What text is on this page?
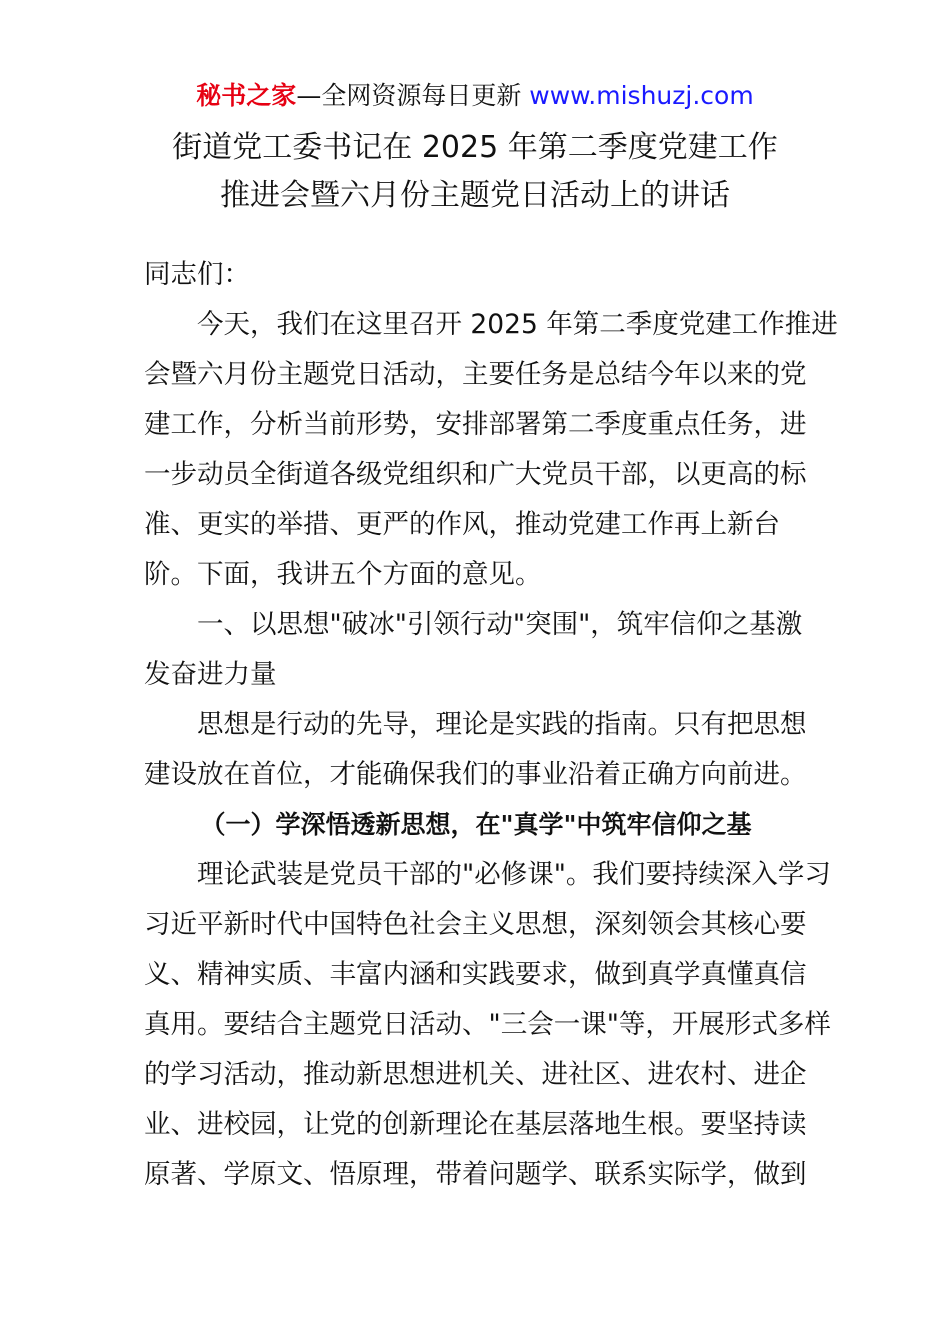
秘书之家—全网资源每日更新 www.mishuzj.com
街道党工委书记在 2025 年第二季度党建工作
推进会暨六月份主题党日活动上的讲话
同志们：
今天，我们在这里召开 2025 年第二季度党建工作推进
会暨六月份主题党日活动，主要任务是总结今年以来的党
建工作，分析当前形势，安排部署第二季度重点任务，进
一步动员全街道各级党组织和广大党员干部，以更高的标
准、更实的举措、更严的作风，推动党建工作再上新台
阶。下面，我讲五个方面的意见。
一、以思想"破冰"引领行动"突围"，筑牢信仰之基激
发奋进力量
思想是行动的先导，理论是实践的指南。只有把思想
建设放在首位，才能确保我们的事业沿着正确方向前进。
（一）学深悟透新思想，在"真学"中筑牢信仰之基
理论武装是党员干部的"必修课"。我们要持续深入学习
习近平新时代中国特色社会主义思想，深刻领会其核心要
义、精神实质、丰富内涵和实践要求，做到真学真懂真信
真用。要结合主题党日活动、"三会一课"等，开展形式多样
的学习活动，推动新思想进机关、进社区、进农村、进企
业、进校园，让党的创新理论在基层落地生根。要坚持读
原著、学原文、悟原理，带着问题学、联系实际学，做到
